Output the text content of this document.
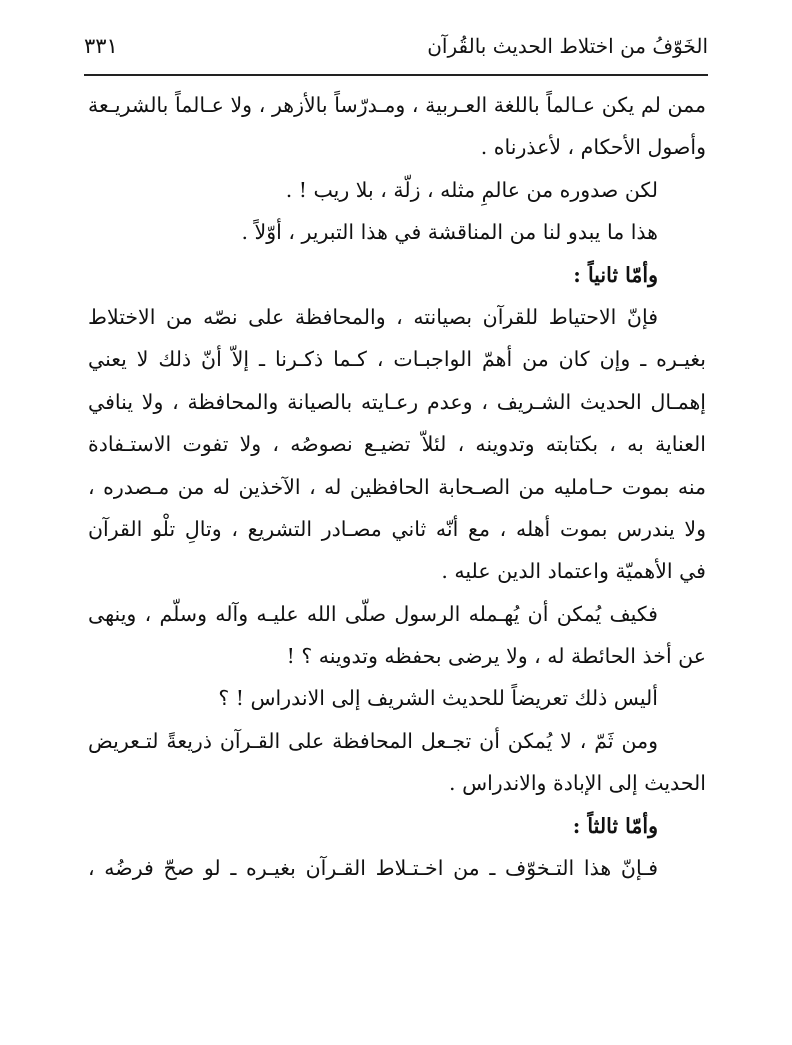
الخَوّفُ من اختلاط الحديث بالقُرآن
٣٣١
ممن لم يكن عـالماً باللغة العـربية ، ومـدرّساً بالأزهر ، ولا عـالماً بالشريـعة
وأصول الأحكام ، لأعذرناه .
لكن صدوره من عالمِ مثله ، زلّة ، بلا ريب ! .
هذا ما يبدو لنا من المناقشة في هذا التبرير ، أوّلاً .
وأمّا ثانياً :
فإنّ الاحتياط للقرآن بصيانته ، والمحافظة على نصّه من الاختلاط
بغيـره ـ وإن كان من أهمّ الواجبـات ، كـما ذكـرنا ـ إلاّ أنّ ذلك لا يعني
إهمـال الحديث الشـريف ، وعدم رعـايته بالصيانة والمحافظة ، ولا ينافي
العناية به ، بكتابته وتدوينه ، لئلاّ تضيـع نصوصُه ، ولا تفوت الاستـفادة
منه بموت حـامليه من الصـحابة الحافظين له ، الآخذين له من مـصدره ،
ولا يندرس بموت أهله ، مع أنّه ثاني مصـادر التشريع ، وتالِ تلْو القرآن
في الأهميّة واعتماد الدين عليه .
فكيف يُمكن أن يُهـمله الرسول صلّى الله عليـه وآله وسلّم ، وينهى
عن أخذ الحائطة له ، ولا يرضى بحفظه وتدوينه ؟ !
أليس ذلك تعريضاً للحديث الشريف إلى الاندراس ! ؟
ومن ثَمّ ، لا يُمكن أن تجـعل المحافظة على القـرآن ذريعةً لتـعريض
الحديث إلى الإبادة والاندراس .
وأمّا ثالثاً :
فـإنّ هذا التـخوّف ـ من اخـتـلاط القـرآن بغيـره ـ لو صحّ فرضُه ،
